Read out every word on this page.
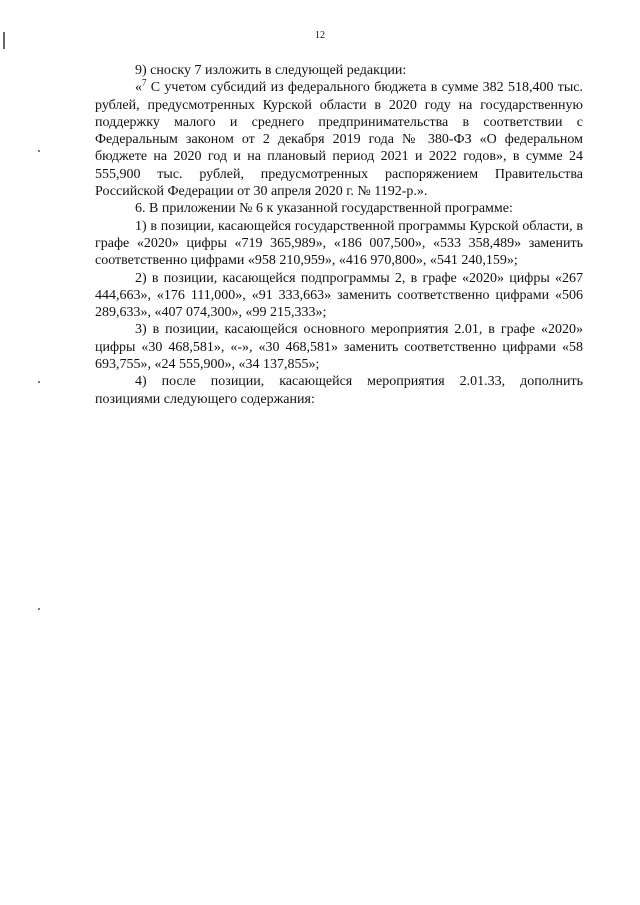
12

9) сноску 7 изложить в следующей редакции:

«$^7$ С учетом субсидий из федерального бюджета в сумме 382 518,400 тыс. рублей, предусмотренных Курской области в 2020 году на государственную поддержку малого и среднего предпринимательства в соответствии с Федеральным законом от 2 декабря 2019 года № 380-ФЗ «О федеральном бюджете на 2020 год и на плановый период 2021 и 2022 годов», в сумме 24 555,900 тыс. рублей, предусмотренных распоряжением Правительства Российской Федерации от 30 апреля 2020 г. № 1192-р.».

6. В приложении № 6 к указанной государственной программе:

1) в позиции, касающейся государственной программы Курской области, в графе «2020» цифры «719 365,989», «186 007,500», «533 358,489» заменить соответственно цифрами «958 210,959», «416 970,800», «541 240,159»;

2) в позиции, касающейся подпрограммы 2, в графе «2020» цифры «267 444,663», «176 111,000», «91 333,663» заменить соответственно цифрами «506 289,633», «407 074,300», «99 215,333»;

3) в позиции, касающейся основного мероприятия 2.01, в графе «2020» цифры «30 468,581», «-», «30 468,581» заменить соответственно цифрами «58 693,755», «24 555,900», «34 137,855»;

4) после позиции, касающейся мероприятия 2.01.33, дополнить позициями следующего содержания:
